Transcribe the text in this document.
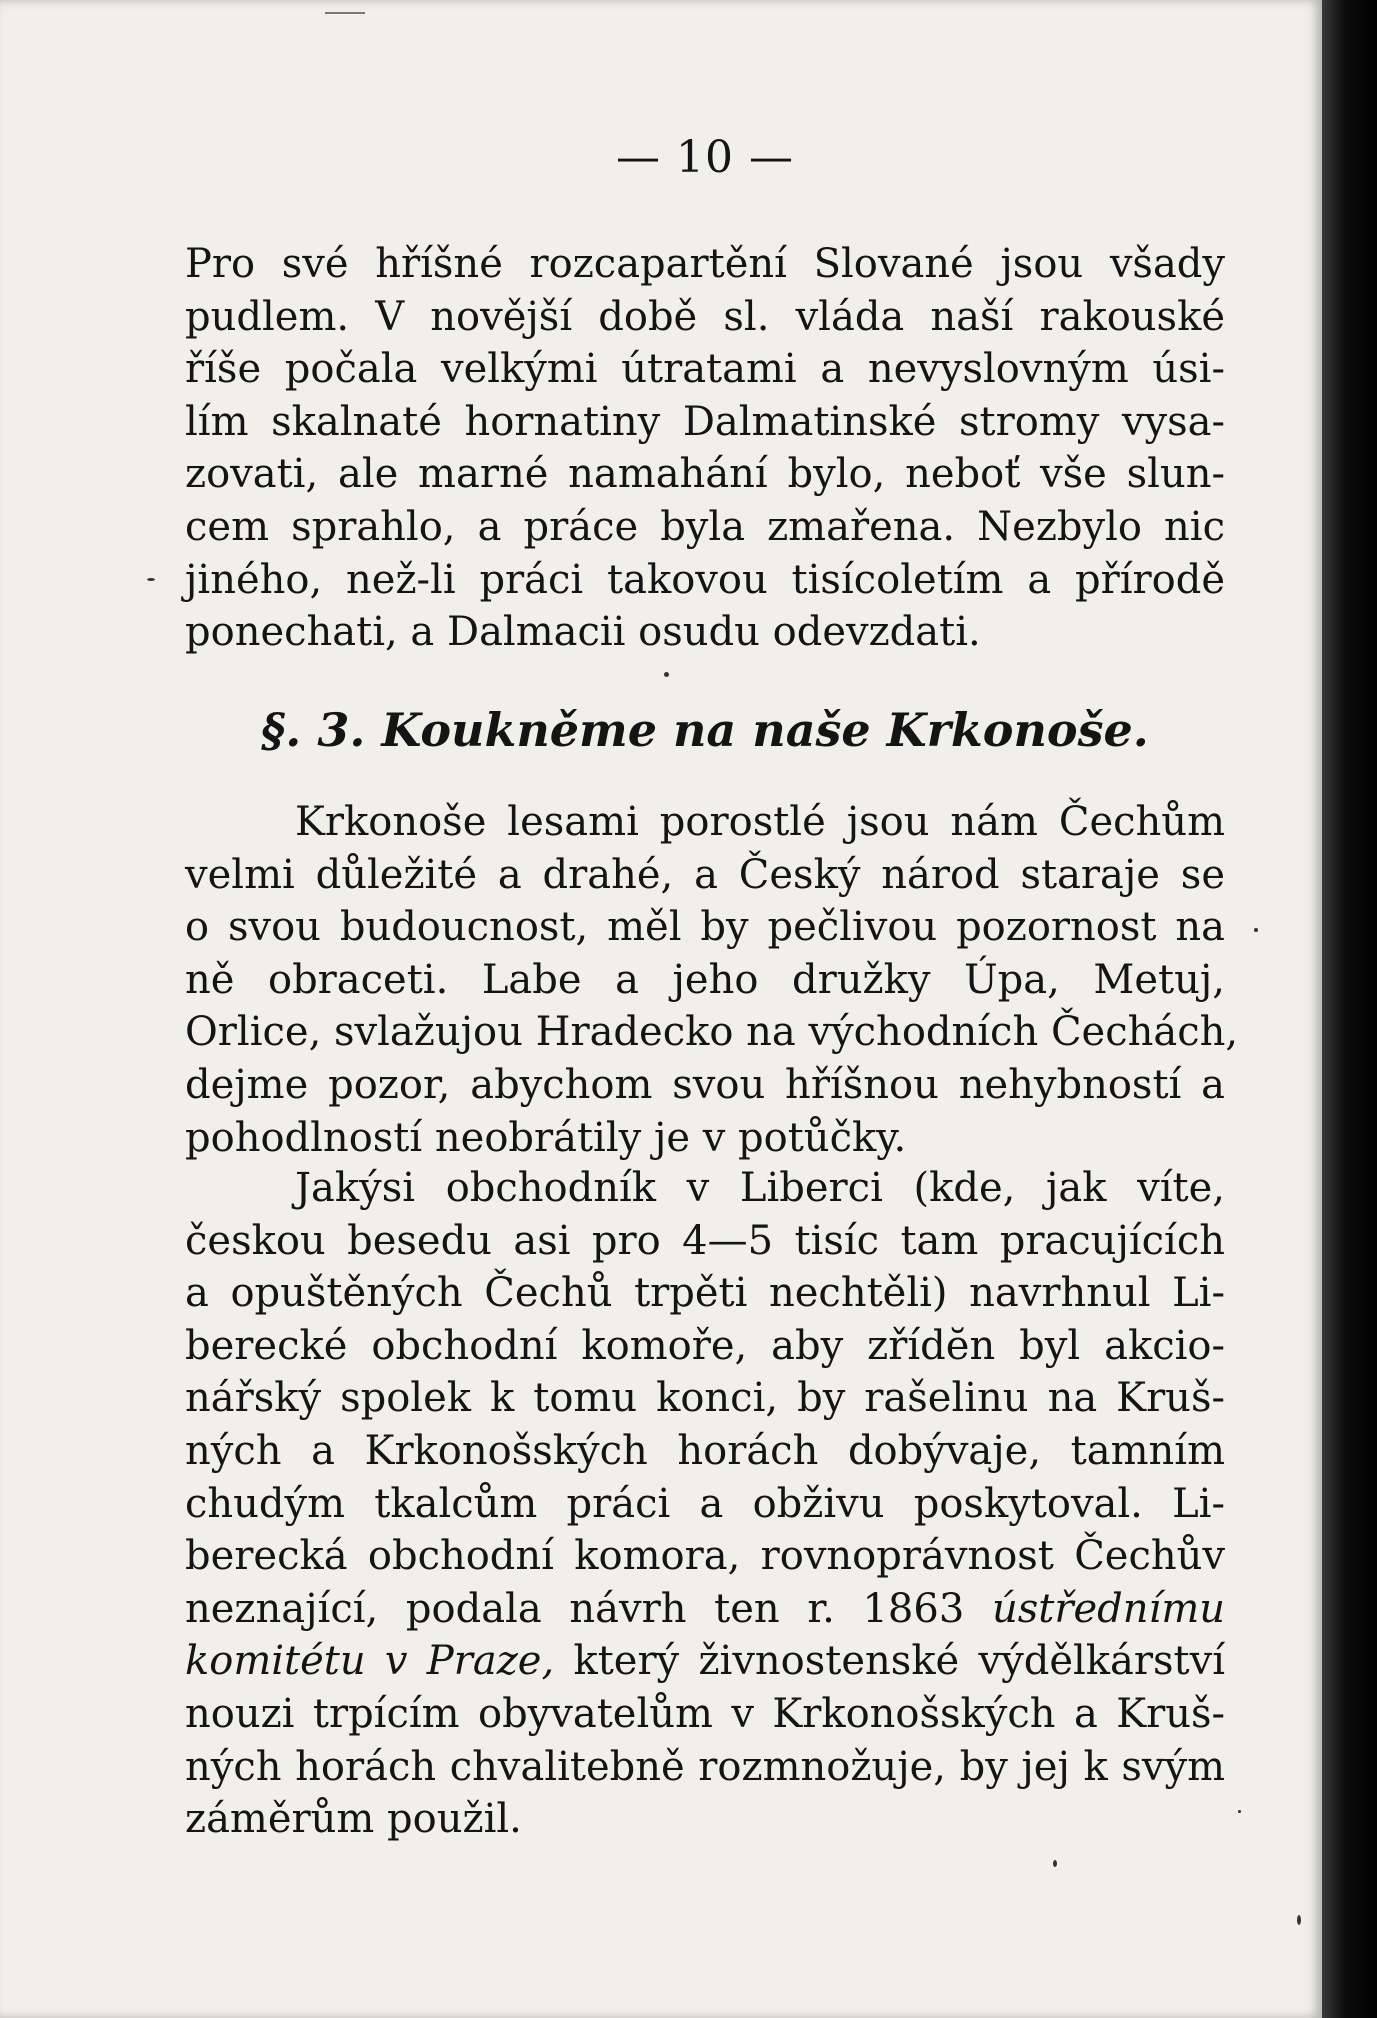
— 10 —
Pro své hříšné rozcapartění Slované jsou všady
pudlem. V novější době sl. vláda naší rakouské
říše počala velkými útratami a nevyslovným úsi-
lím skalnaté hornatiny Dalmatinské stromy vysa-
zovati, ale marné namahání bylo, neboť vše slun-
cem sprahlo, a práce byla zmařena. Nezbylo nic
jiného, než-li práci takovou tisícoletím a přírodě
ponechati, a Dalmacii osudu odevzdati.
§. 3. Koukněme na naše Krkonoše.
Krkonoše lesami porostlé jsou nám Čechům
velmi důležité a drahé, a Český národ staraje se
o svou budoucnost, měl by pečlivou pozornost na
ně obraceti. Labe a jeho družky Úpa, Metuj,
Orlice, svlažujou Hradecko na východních Čechách,
dejme pozor, abychom svou hříšnou nehybností a
pohodlností neobrátily je v potůčky.
Jakýsi obchodník v Liberci (kde, jak víte,
českou besedu asi pro 4—5 tisíc tam pracujících
a opuštěných Čechů trpěti nechtěli) navrhnul Li-
berecké obchodní komoře, aby zřídĕn byl akcio-
nářský spolek k tomu konci, by rašelinu na Kruš-
ných a Krkonošských horách dobývaje, tamním
chudým tkalcům práci a obživu poskytoval. Li-
berecká obchodní komora, rovnoprávnost Čechův
neznající, podala návrh ten r. 1863 ústřednímu
komitétu v Praze, který živnostenské výdělkárství
nouzi trpícím obyvatelům v Krkonošských a Kruš-
ných horách chvalitebně rozmnožuje, by jej k svým
záměrům použil.
